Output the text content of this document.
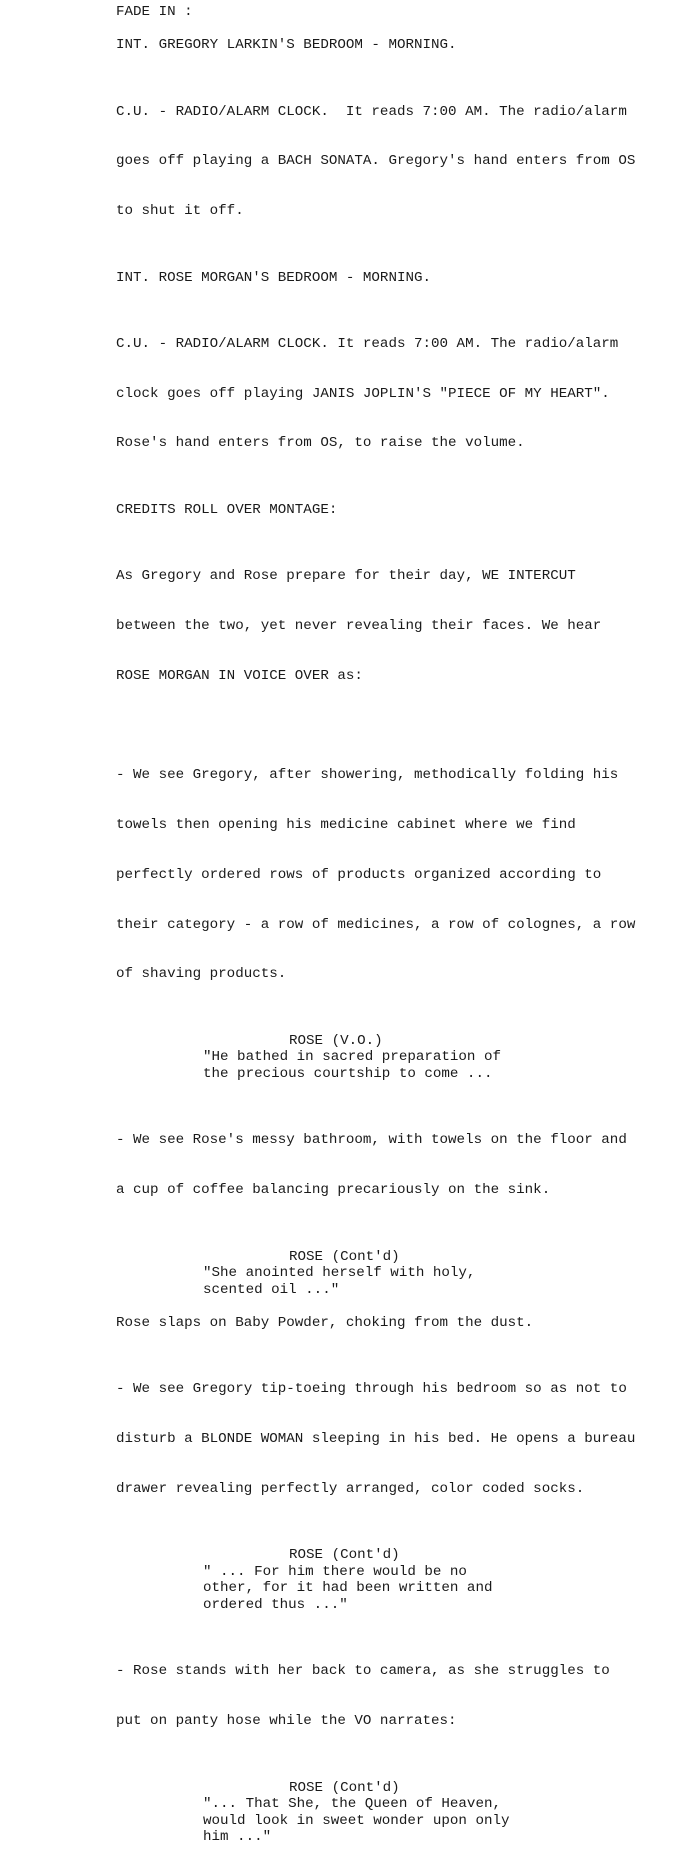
FADE IN :
INT. GREGORY LARKIN'S BEDROOM - MORNING.

C.U. - RADIO/ALARM CLOCK.  It reads 7:00 AM. The radio/alarm

goes off playing a BACH SONATA. Gregory's hand enters from OS

to shut it off.

INT. ROSE MORGAN'S BEDROOM - MORNING.

C.U. - RADIO/ALARM CLOCK. It reads 7:00 AM. The radio/alarm

clock goes off playing JANIS JOPLIN'S "PIECE OF MY HEART".

Rose's hand enters from OS, to raise the volume.

CREDITS ROLL OVER MONTAGE:

As Gregory and Rose prepare for their day, WE INTERCUT

between the two, yet never revealing their faces. We hear

ROSE MORGAN IN VOICE OVER as:

- We see Gregory, after showering, methodically folding his

towels then opening his medicine cabinet where we find

perfectly ordered rows of products organized according to

their category - a row of medicines, a row of colognes, a row

of shaving products.

ROSE (V.O.)
"He bathed in sacred preparation of
the precious courtship to come ...

- We see Rose's messy bathroom, with towels on the floor and

a cup of coffee balancing precariously on the sink.

ROSE (Cont'd)
"She anointed herself with holy,
scented oil ..."
Rose slaps on Baby Powder, choking from the dust.

- We see Gregory tip-toeing through his bedroom so as not to

disturb a BLONDE WOMAN sleeping in his bed. He opens a bureau

drawer revealing perfectly arranged, color coded socks.

ROSE (Cont'd)
" ... For him there would be no
other, for it had been written and
ordered thus ..."

- Rose stands with her back to camera, as she struggles to

put on panty hose while the VO narrates:

ROSE (Cont'd)
"... That She, the Queen of Heaven,
would look in sweet wonder upon only
him ..."
